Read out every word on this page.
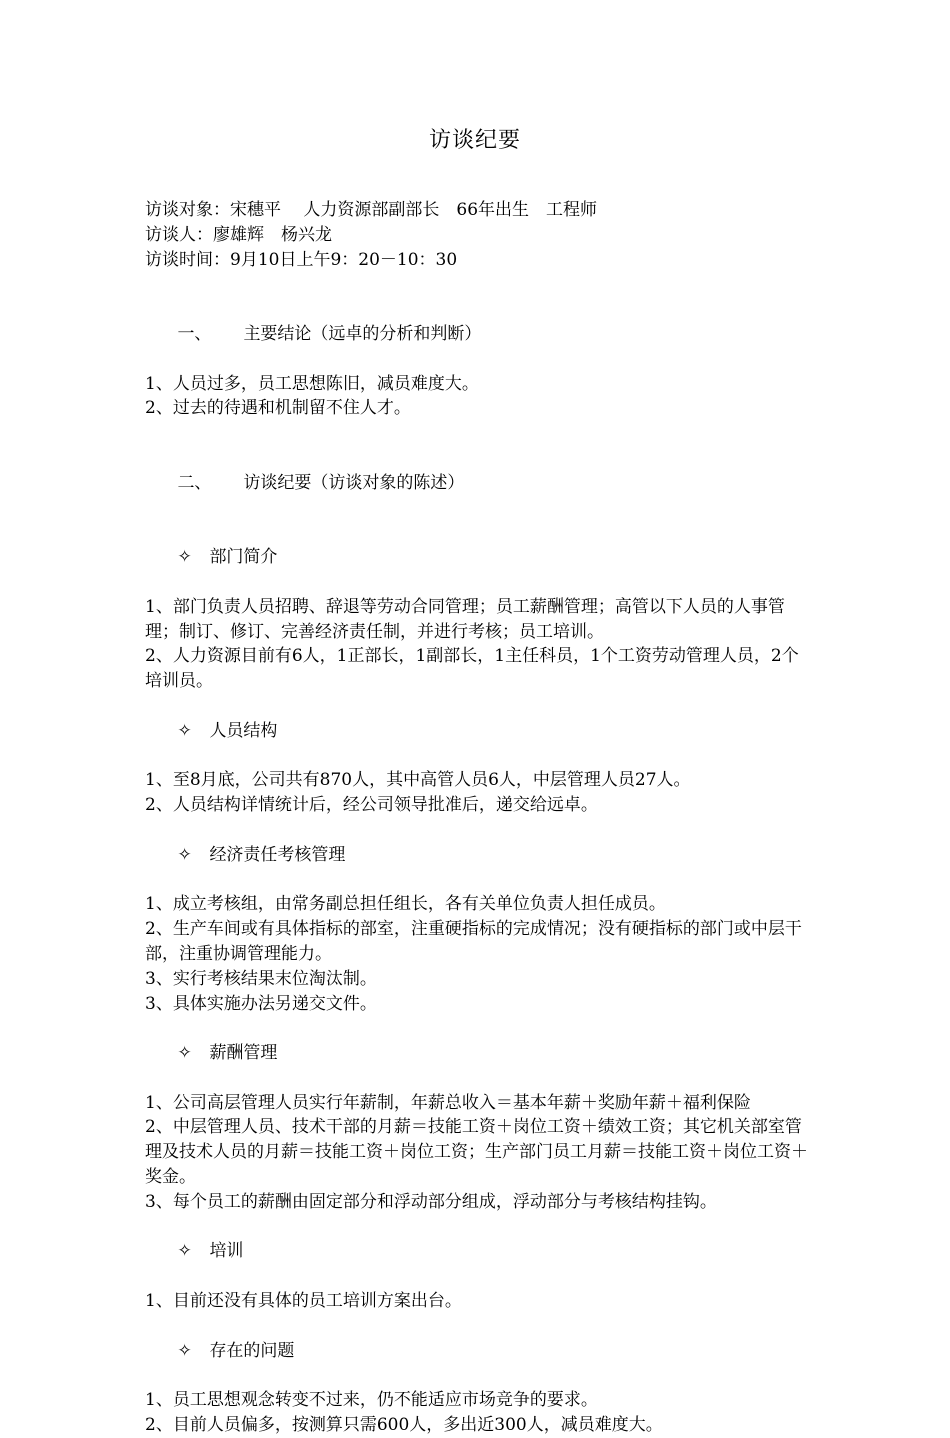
访谈纪要
访谈对象：宋穗平　 人力资源部副部长　66年出生　工程师
访谈人：廖雄辉　杨兴龙
访谈时间：9月10日上午9：20－10：30

一、 主要结论（远卓的分析和判断）

1、人员过多，员工思想陈旧，减员难度大。
2、过去的待遇和机制留不住人才。

二、 访谈纪要（访谈对象的陈述）

✧ 部门简介

1、部门负责人员招聘、辞退等劳动合同管理；员工薪酬管理；高管以下人员的人事管理；制订、修订、完善经济责任制，并进行考核；员工培训。
2、人力资源目前有6人，1正部长，1副部长，1主任科员，1个工资劳动管理人员，2个培训员。

✧ 人员结构

1、至8月底，公司共有870人，其中高管人员6人，中层管理人员27人。
2、人员结构详情统计后，经公司领导批准后，递交给远卓。

✧ 经济责任考核管理

1、成立考核组，由常务副总担任组长，各有关单位负责人担任成员。
2、生产车间或有具体指标的部室，注重硬指标的完成情况；没有硬指标的部门或中层干部，注重协调管理能力。
3、实行考核结果末位淘汰制。
3、具体实施办法另递交文件。

✧ 薪酬管理

1、公司高层管理人员实行年薪制，年薪总收入＝基本年薪＋奖励年薪＋福利保险
2、中层管理人员、技术干部的月薪＝技能工资＋岗位工资＋绩效工资；其它机关部室管理及技术人员的月薪＝技能工资＋岗位工资；生产部门员工月薪＝技能工资＋岗位工资＋奖金。
3、每个员工的薪酬由固定部分和浮动部分组成，浮动部分与考核结构挂钩。

✧ 培训

1、目前还没有具体的员工培训方案出台。

✧ 存在的问题

1、员工思想观念转变不过来，仍不能适应市场竞争的要求。
2、目前人员偏多，按测算只需600人，多出近300人，减员难度大。
